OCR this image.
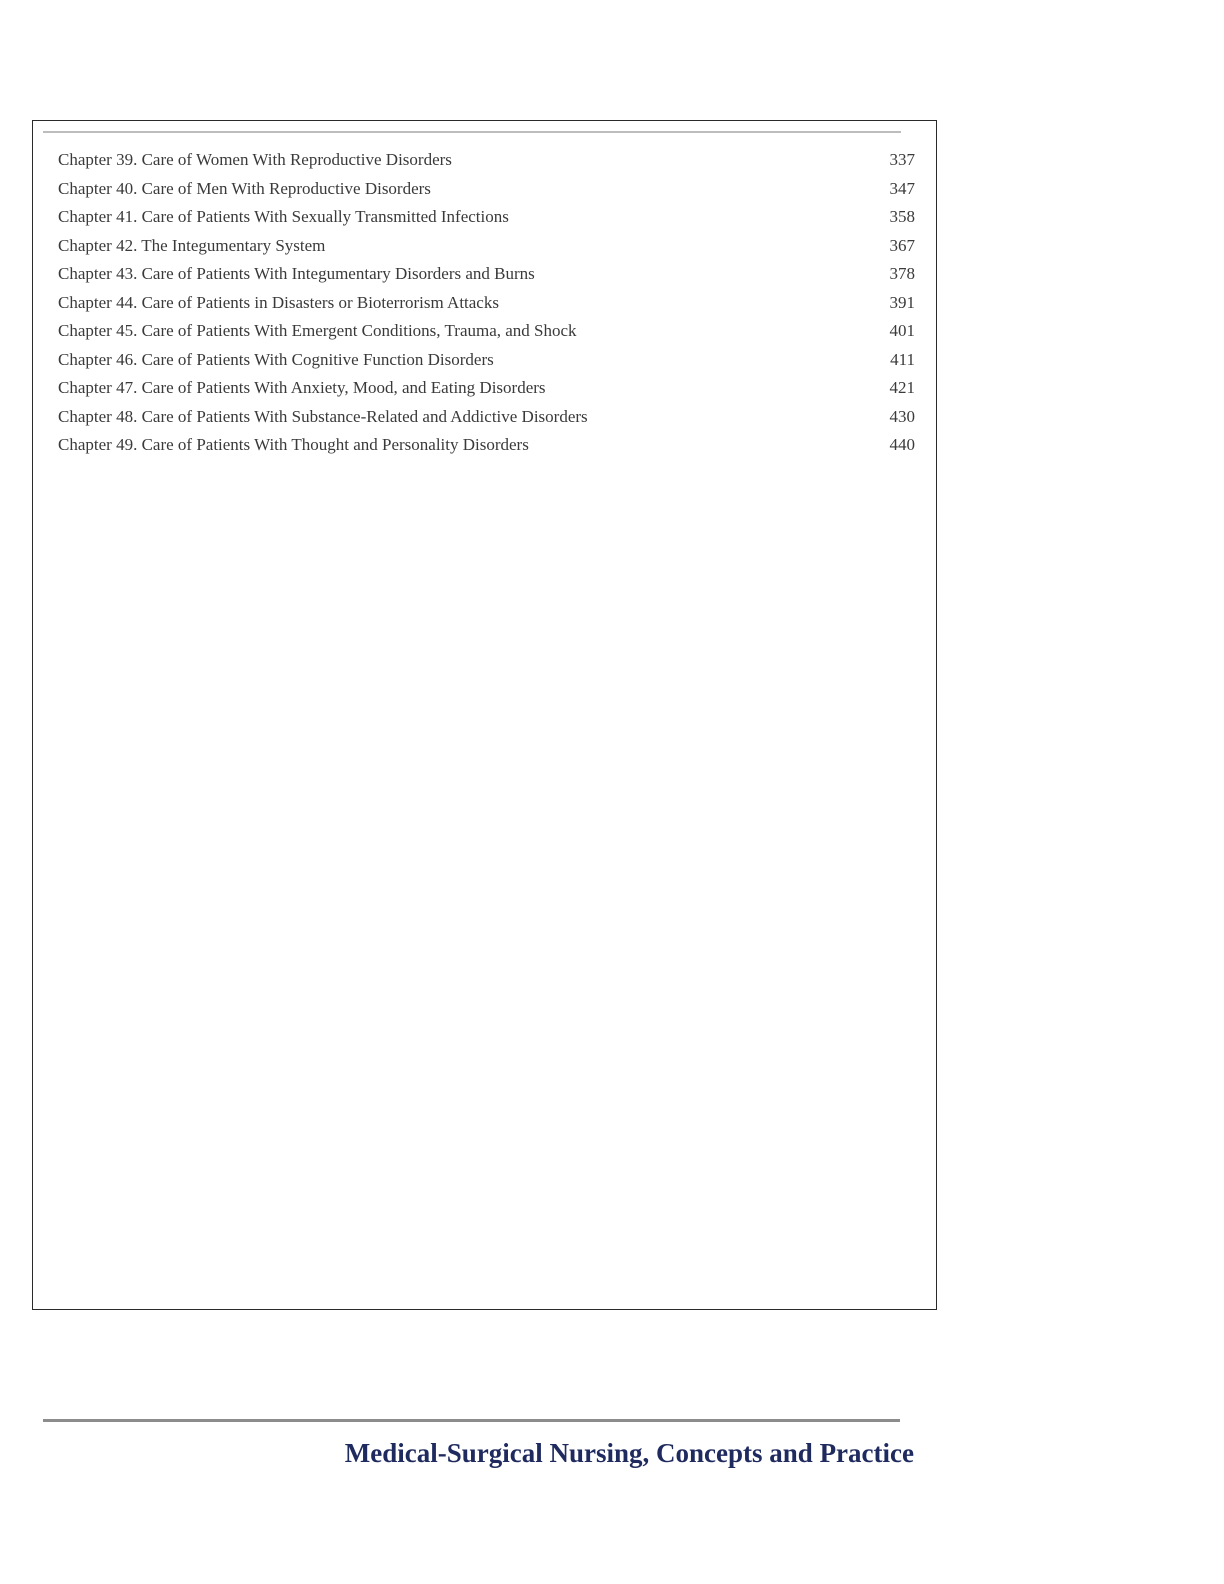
Chapter 39. Care of Women With Reproductive Disorders	337
Chapter 40. Care of Men With Reproductive Disorders	347
Chapter 41. Care of Patients With Sexually Transmitted Infections	358
Chapter 42. The Integumentary System	367
Chapter 43. Care of Patients With Integumentary Disorders and Burns	378
Chapter 44. Care of Patients in Disasters or Bioterrorism Attacks	391
Chapter 45. Care of Patients With Emergent Conditions, Trauma, and Shock	401
Chapter 46. Care of Patients With Cognitive Function Disorders	411
Chapter 47. Care of Patients With Anxiety, Mood, and Eating Disorders	421
Chapter 48. Care of Patients With Substance-Related and Addictive Disorders	430
Chapter 49. Care of Patients With Thought and Personality Disorders	440
Medical-Surgical Nursing, Concepts and Practice
